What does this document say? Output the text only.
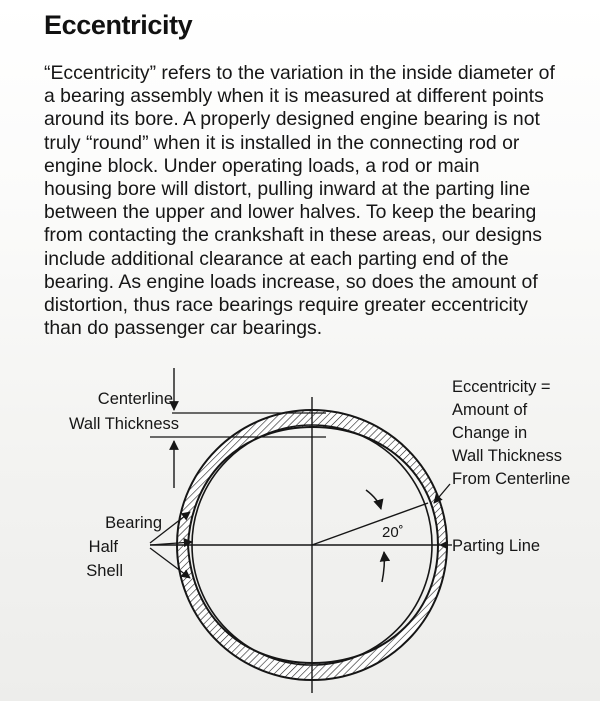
Eccentricity

“Eccentricity” refers to the variation in the inside diameter of
a bearing assembly when it is measured at different points
around its bore. A properly designed engine bearing is not
truly “round” when it is installed in the connecting rod or
engine block. Under operating loads, a rod or main
housing bore will distort, pulling inward at the parting line
between the upper and lower halves. To keep the bearing
from contacting the crankshaft in these areas, our designs
include additional clearance at each parting end of the
bearing. As engine loads increase, so does the amount of
distortion, thus race bearings require greater eccentricity
than do passenger car bearings.

Centerline
Wall Thickness
Bearing
Half
Shell
Eccentricity =
Amount of
Change in
Wall Thickness
From Centerline
Parting Line
20˚
